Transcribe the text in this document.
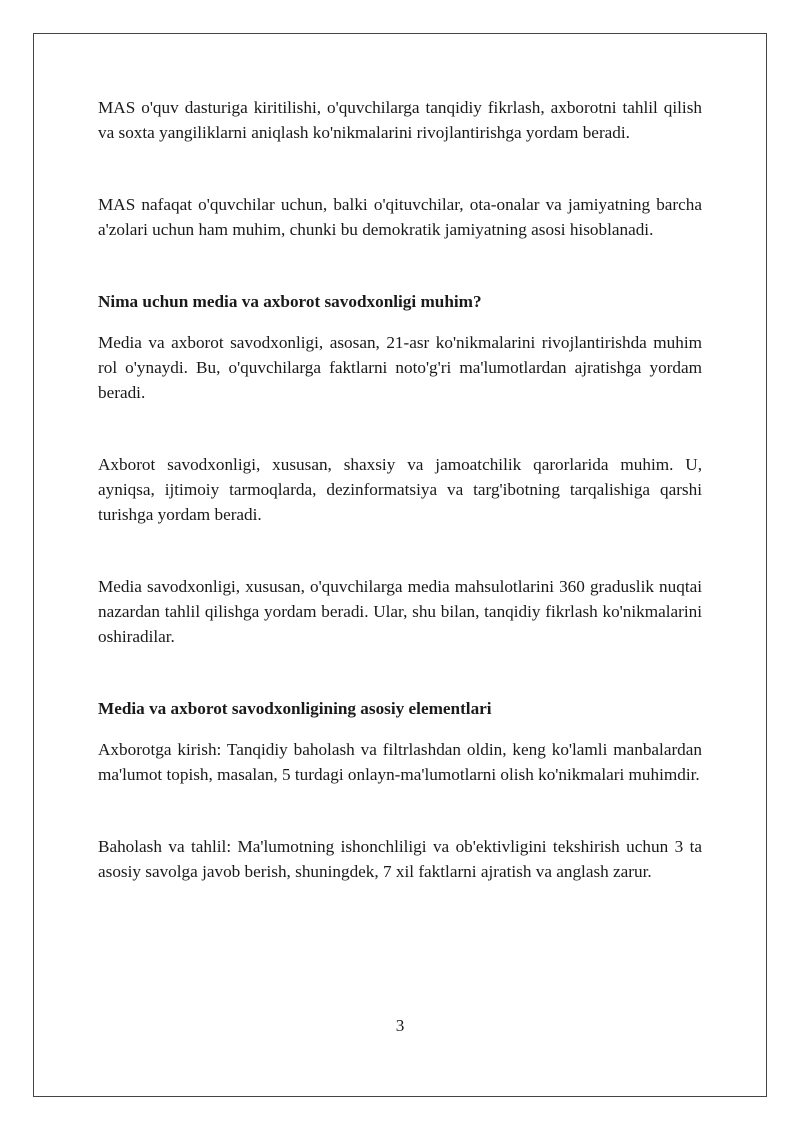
MAS o'quv dasturiga kiritilishi, o'quvchilarga tanqidiy fikrlash, axborotni tahlil qilish va soxta yangiliklarni aniqlash ko'nikmalarini rivojlantirishga yordam beradi.

MAS nafaqat o'quvchilar uchun, balki o'qituvchilar, ota-onalar va jamiyatning barcha a'zolari uchun ham muhim, chunki bu demokratik jamiyatning asosi hisoblanadi.

Nima uchun media va axborot savodxonligi muhim?

Media va axborot savodxonligi, asosan, 21-asr ko'nikmalarini rivojlantirishda muhim rol o'ynaydi. Bu, o'quvchilarga faktlarni noto'g'ri ma'lumotlardan ajratishga yordam beradi.

Axborot savodxonligi, xususan, shaxsiy va jamoatchilik qarorlarida muhim. U, ayniqsa, ijtimoiy tarmoqlarda, dezinformatsiya va targ'ibotning tarqalishiga qarshi turishga yordam beradi.

Media savodxonligi, xususan, o'quvchilarga media mahsulotlarini 360 graduslik nuqtai nazardan tahlil qilishga yordam beradi. Ular, shu bilan, tanqidiy fikrlash ko'nikmalarini oshiradilar.

Media va axborot savodxonligining asosiy elementlari

Axborotga kirish: Tanqidiy baholash va filtrlashdan oldin, keng ko'lamli manbalardan ma'lumot topish, masalan, 5 turdagi onlayn-ma'lumotlarni olish ko'nikmalari muhimdir.

Baholash va tahlil: Ma'lumotning ishonchliligi va ob'ektivligini tekshirish uchun 3 ta asosiy savolga javob berish, shuningdek, 7 xil faktlarni ajratish va anglash zarur.

3
